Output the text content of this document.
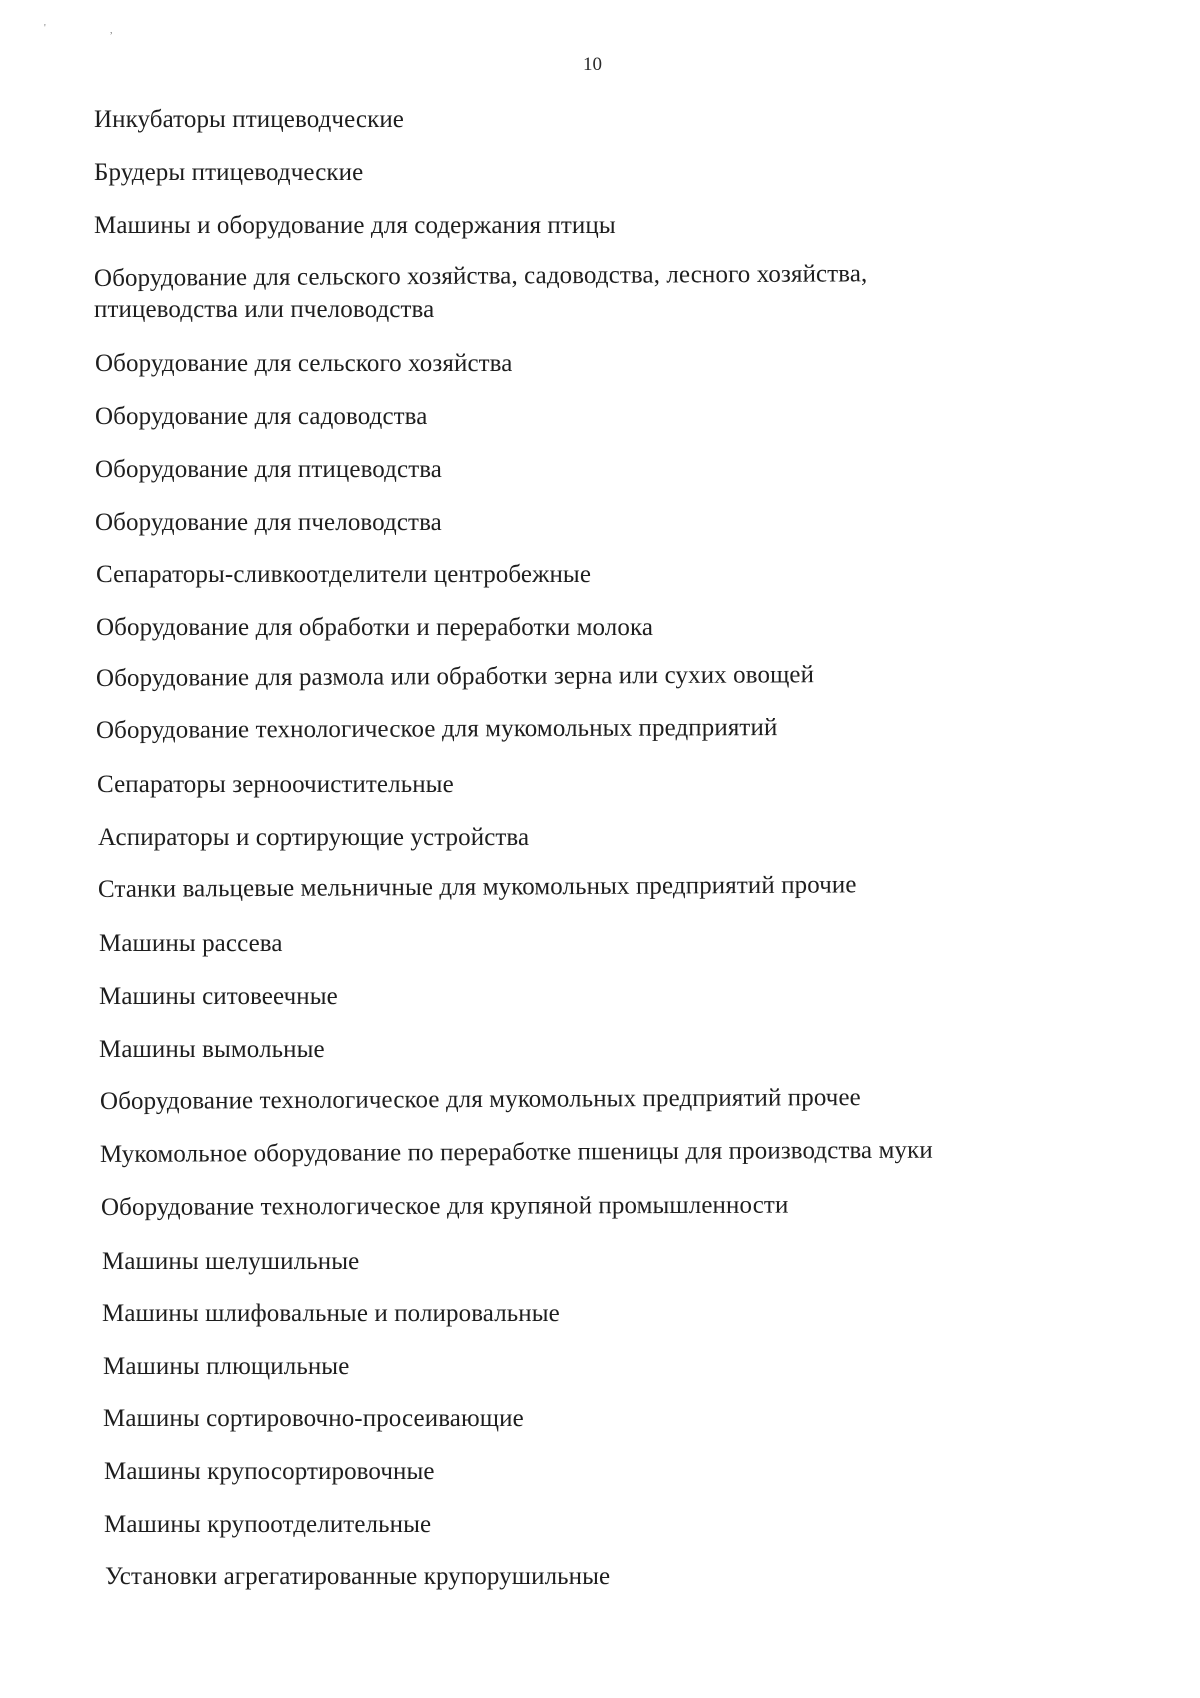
'	,
10
Инкубаторы птицеводческие
Брудеры птицеводческие
Машины и оборудование для содержания птицы
Оборудование для сельского хозяйства, садоводства, лесного хозяйства,
птицеводства или пчеловодства
Оборудование для сельского хозяйства
Оборудование для садоводства
Оборудование для птицеводства
Оборудование для пчеловодства
Сепараторы-сливкоотделители центробежные
Оборудование для обработки и переработки молока
Оборудование для размола или обработки зерна или сухих овощей
Оборудование технологическое для мукомольных предприятий
Сепараторы зерноочистительные
Аспираторы и сортирующие устройства
Станки вальцевые мельничные для мукомольных предприятий прочие
Машины рассева
Машины ситовеечные
Машины вымольные
Оборудование технологическое для мукомольных предприятий прочее
Мукомольное оборудование по переработке пшеницы для производства муки
Оборудование технологическое для крупяной промышленности
Машины шелушильные
Машины шлифовальные и полировальные
Машины плющильные
Машины сортировочно-просеивающие
Машины крупосортировочные
Машины крупоотделительные
Установки агрегатированные крупорушильные
